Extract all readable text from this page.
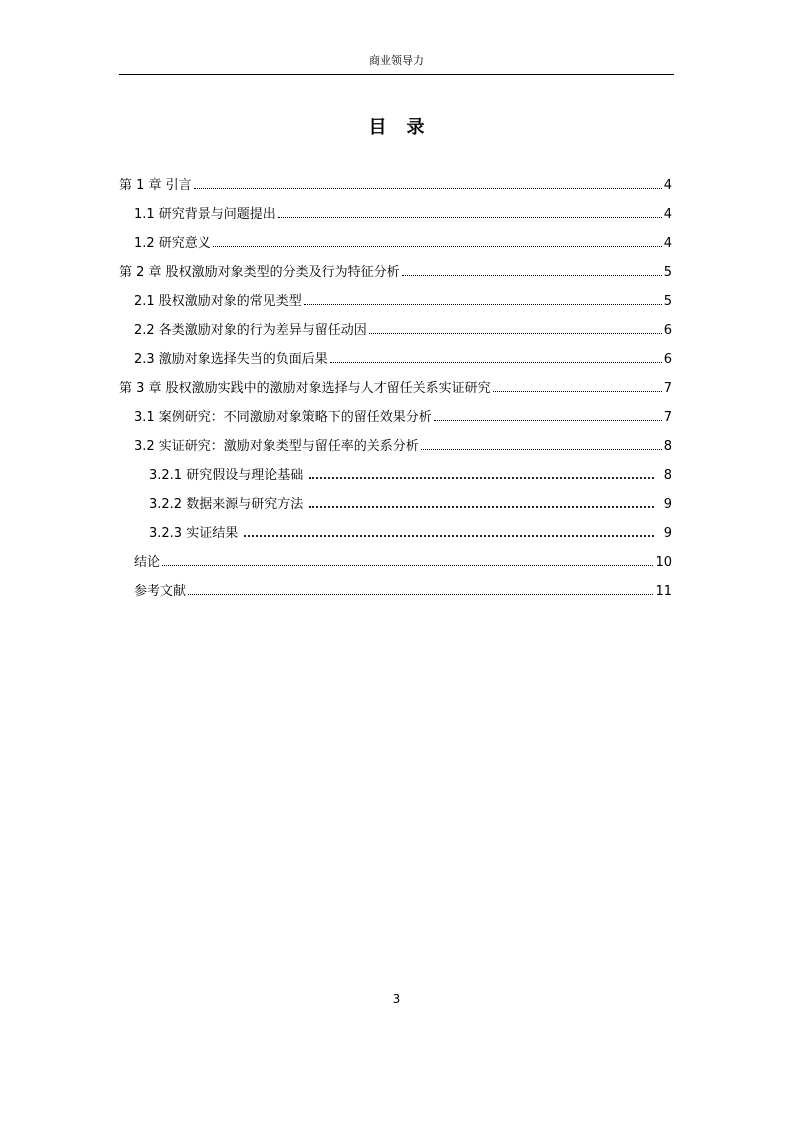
商业领导力
目录
第 1 章 引言	4
1.1 研究背景与问题提出	4
1.2 研究意义	4
第 2 章 股权激励对象类型的分类及行为特征分析	5
2.1 股权激励对象的常见类型	5
2.2 各类激励对象的行为差异与留任动因	6
2.3 激励对象选择失当的负面后果	6
第 3 章 股权激励实践中的激励对象选择与人才留任关系实证研究	7
3.1 案例研究：不同激励对象策略下的留任效果分析	7
3.2 实证研究：激励对象类型与留任率的关系分析	8
3.2.1 研究假设与理论基础	8
3.2.2 数据来源与研究方法	9
3.2.3 实证结果	9
结论	10
参考文献	11
3
